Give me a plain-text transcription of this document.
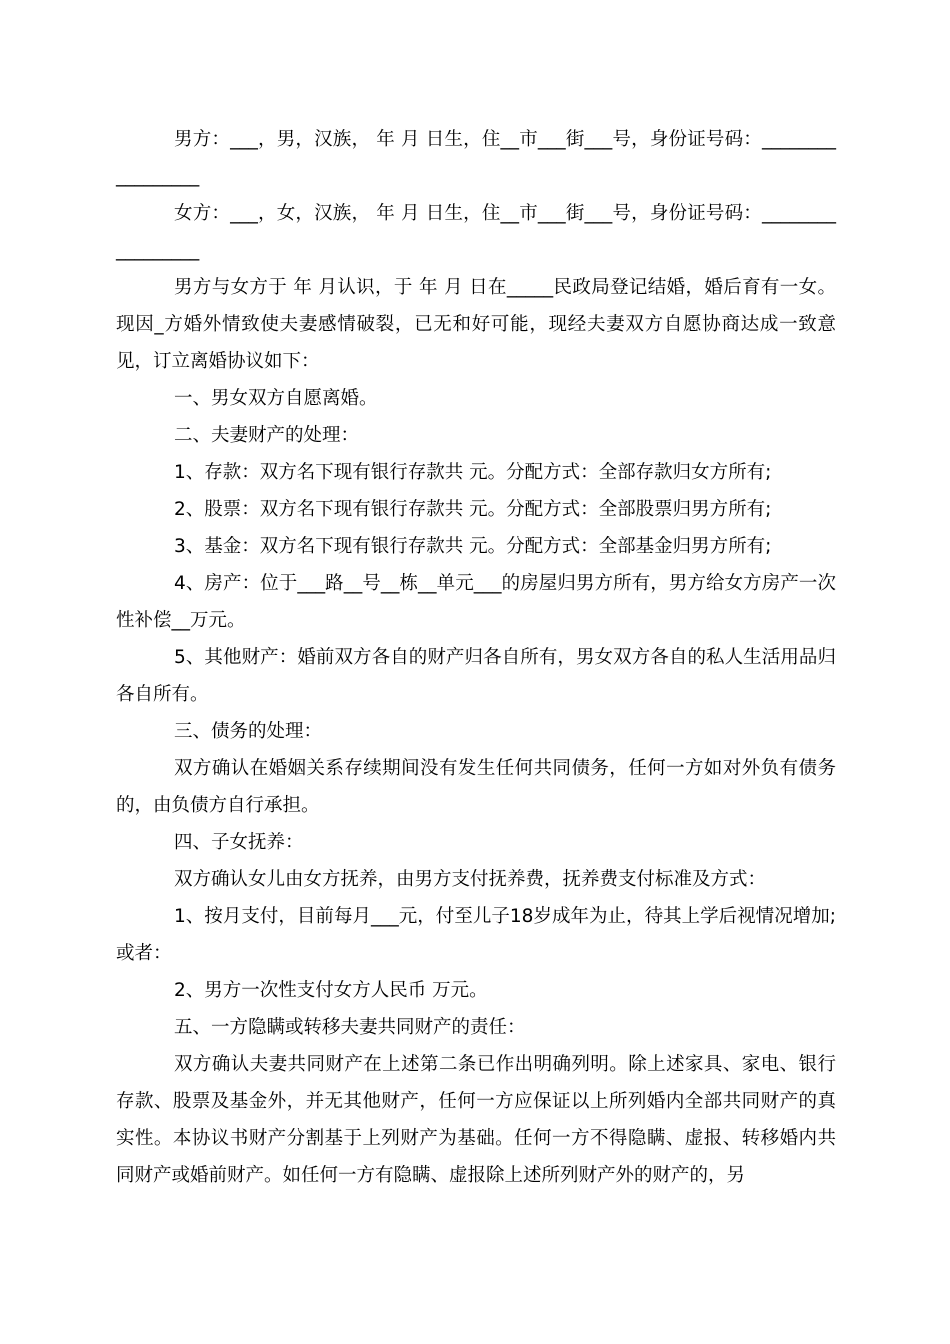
男方：___，男，汉族， 年 月 日生，住__市___街___号，身份证号码：_________________

女方：___，女，汉族， 年 月 日生，住__市___街___号，身份证号码：_________________

男方与女方于 年 月认识，于 年 月 日在_____民政局登记结婚，婚后育有一女。现因_方婚外情致使夫妻感情破裂，已无和好可能，现经夫妻双方自愿协商达成一致意见，订立离婚协议如下：

一、男女双方自愿离婚。

二、夫妻财产的处理：

1、存款：双方名下现有银行存款共 元。分配方式：全部存款归女方所有;

2、股票：双方名下现有银行存款共 元。分配方式：全部股票归男方所有;

3、基金：双方名下现有银行存款共 元。分配方式：全部基金归男方所有;

4、房产：位于___路__号__栋__单元___的房屋归男方所有，男方给女方房产一次性补偿__万元。

5、其他财产：婚前双方各自的财产归各自所有，男女双方各自的私人生活用品归各自所有。

三、债务的处理：

双方确认在婚姻关系存续期间没有发生任何共同债务，任何一方如对外负有债务的，由负债方自行承担。

四、子女抚养：

双方确认女儿由女方抚养，由男方支付抚养费，抚养费支付标准及方式：

1、按月支付，目前每月___元，付至儿子18岁成年为止，待其上学后视情况增加;或者：

2、男方一次性支付女方人民币 万元。

五、一方隐瞒或转移夫妻共同财产的责任：

双方确认夫妻共同财产在上述第二条已作出明确列明。除上述家具、家电、银行存款、股票及基金外，并无其他财产，任何一方应保证以上所列婚内全部共同财产的真实性。本协议书财产分割基于上列财产为基础。任何一方不得隐瞒、虚报、转移婚内共同财产或婚前财产。如任何一方有隐瞒、虚报除上述所列财产外的财产的，另
